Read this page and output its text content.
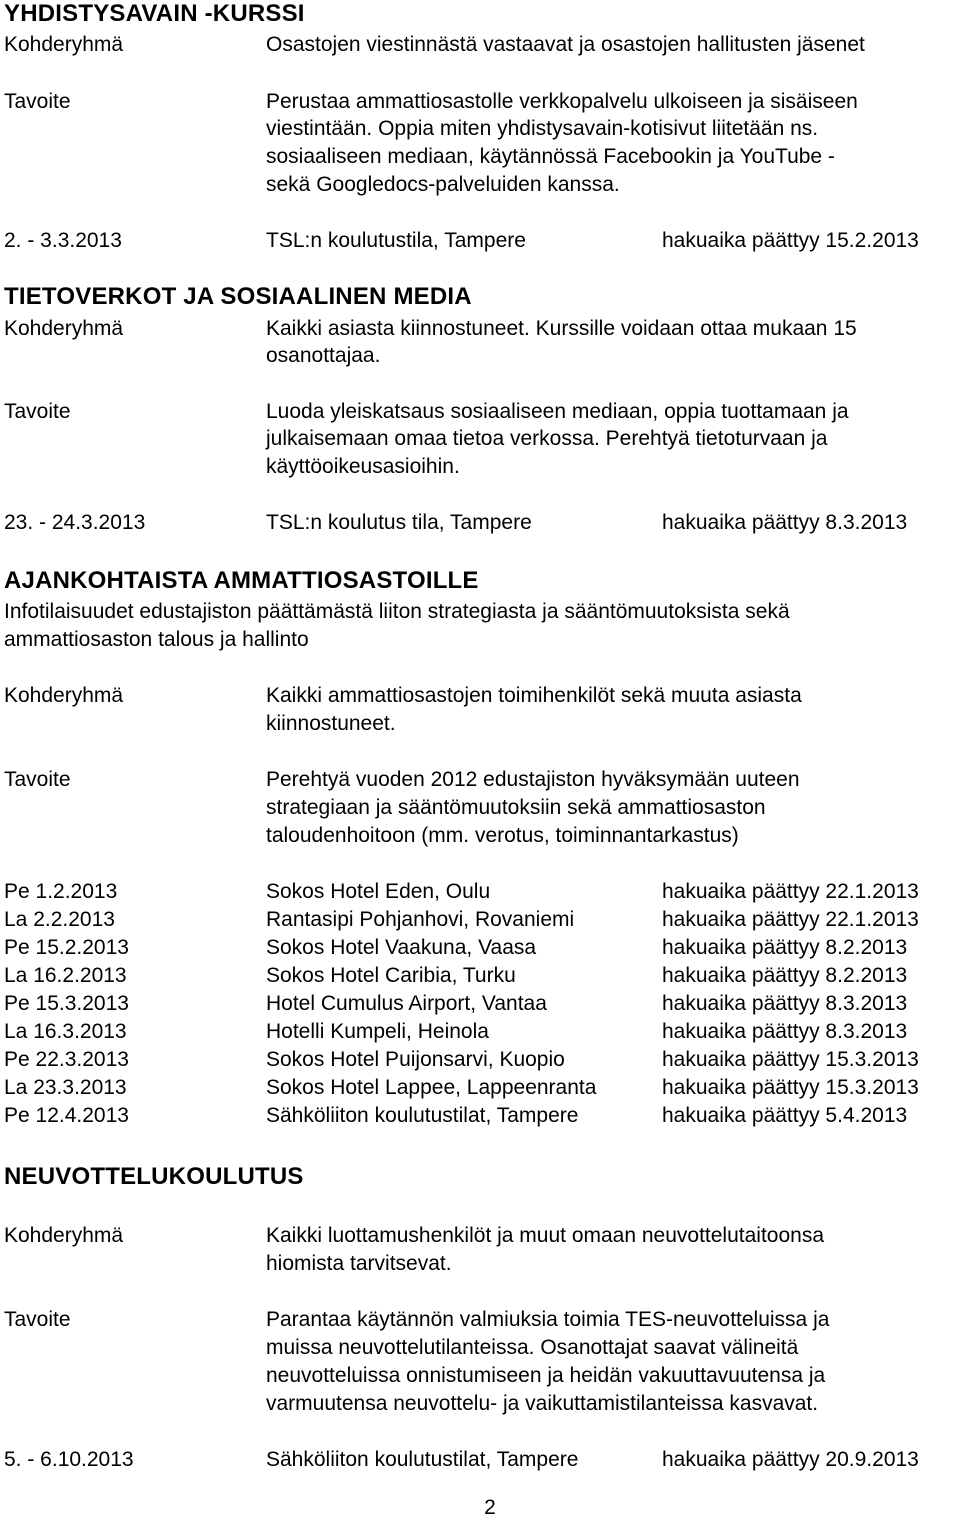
YHDISTYSAVAIN -KURSSI
Kohderyhmä	Osastojen viestinnästä vastaavat ja osastojen hallitusten jäsenet
Tavoite	Perustaa ammattiosastolle verkkopalvelu ulkoiseen ja sisäiseen
viestintään. Oppia miten yhdistysavain-kotisivut liitetään ns.
sosiaaliseen mediaan, käytännössä Facebookin ja YouTube -
sekä Googledocs-palveluiden kanssa.
2. - 3.3.2013	TSL:n koulutustila, Tampere	hakuaika päättyy 15.2.2013
TIETOVERKOT JA SOSIAALINEN MEDIA
Kohderyhmä	Kaikki asiasta kiinnostuneet. Kurssille voidaan ottaa mukaan 15
osanottajaa.
Tavoite	Luoda yleiskatsaus sosiaaliseen mediaan, oppia tuottamaan ja
julkaisemaan omaa tietoa verkossa. Perehtyä tietoturvaan ja
käyttöoikeusasioihin.
23. - 24.3.2013	TSL:n koulutus tila, Tampere	hakuaika päättyy 8.3.2013
AJANKOHTAISTA AMMATTIOSASTOILLE
Infotilaisuudet edustajiston päättämästä liiton strategiasta ja sääntömuutoksista sekä
ammattiosaston talous ja hallinto
Kohderyhmä	Kaikki ammattiosastojen toimihenkilöt sekä muuta asiasta
kiinnostuneet.
Tavoite	Perehtyä vuoden 2012 edustajiston hyväksymään uuteen
strategiaan ja sääntömuutoksiin sekä ammattiosaston
taloudenhoitoon (mm. verotus, toiminnantarkastus)
Pe 1.2.2013	Sokos Hotel Eden, Oulu	hakuaika päättyy 22.1.2013
La 2.2.2013	Rantasipi Pohjanhovi, Rovaniemi	hakuaika päättyy 22.1.2013
Pe 15.2.2013	Sokos Hotel Vaakuna, Vaasa	hakuaika päättyy 8.2.2013
La 16.2.2013	Sokos Hotel Caribia, Turku	hakuaika päättyy 8.2.2013
Pe 15.3.2013	Hotel Cumulus Airport, Vantaa	hakuaika päättyy 8.3.2013
La 16.3.2013	Hotelli Kumpeli, Heinola	hakuaika päättyy 8.3.2013
Pe 22.3.2013	Sokos Hotel Puijonsarvi, Kuopio	hakuaika päättyy 15.3.2013
La 23.3.2013	Sokos Hotel Lappee, Lappeenranta	hakuaika päättyy 15.3.2013
Pe 12.4.2013	Sähköliiton koulutustilat, Tampere	hakuaika päättyy 5.4.2013
NEUVOTTELUKOULUTUS
Kohderyhmä	Kaikki luottamushenkilöt ja muut omaan neuvottelutaitoonsa
hiomista tarvitsevat.
Tavoite	Parantaa käytännön valmiuksia toimia TES-neuvotteluissa ja
muissa neuvottelutilanteissa. Osanottajat saavat välineitä
neuvotteluissa onnistumiseen ja heidän vakuuttavuutensa ja
varmuutensa neuvottelu- ja vaikuttamistilanteissa kasvavat.
5. - 6.10.2013	Sähköliiton koulutustilat, Tampere	hakuaika päättyy 20.9.2013
2
